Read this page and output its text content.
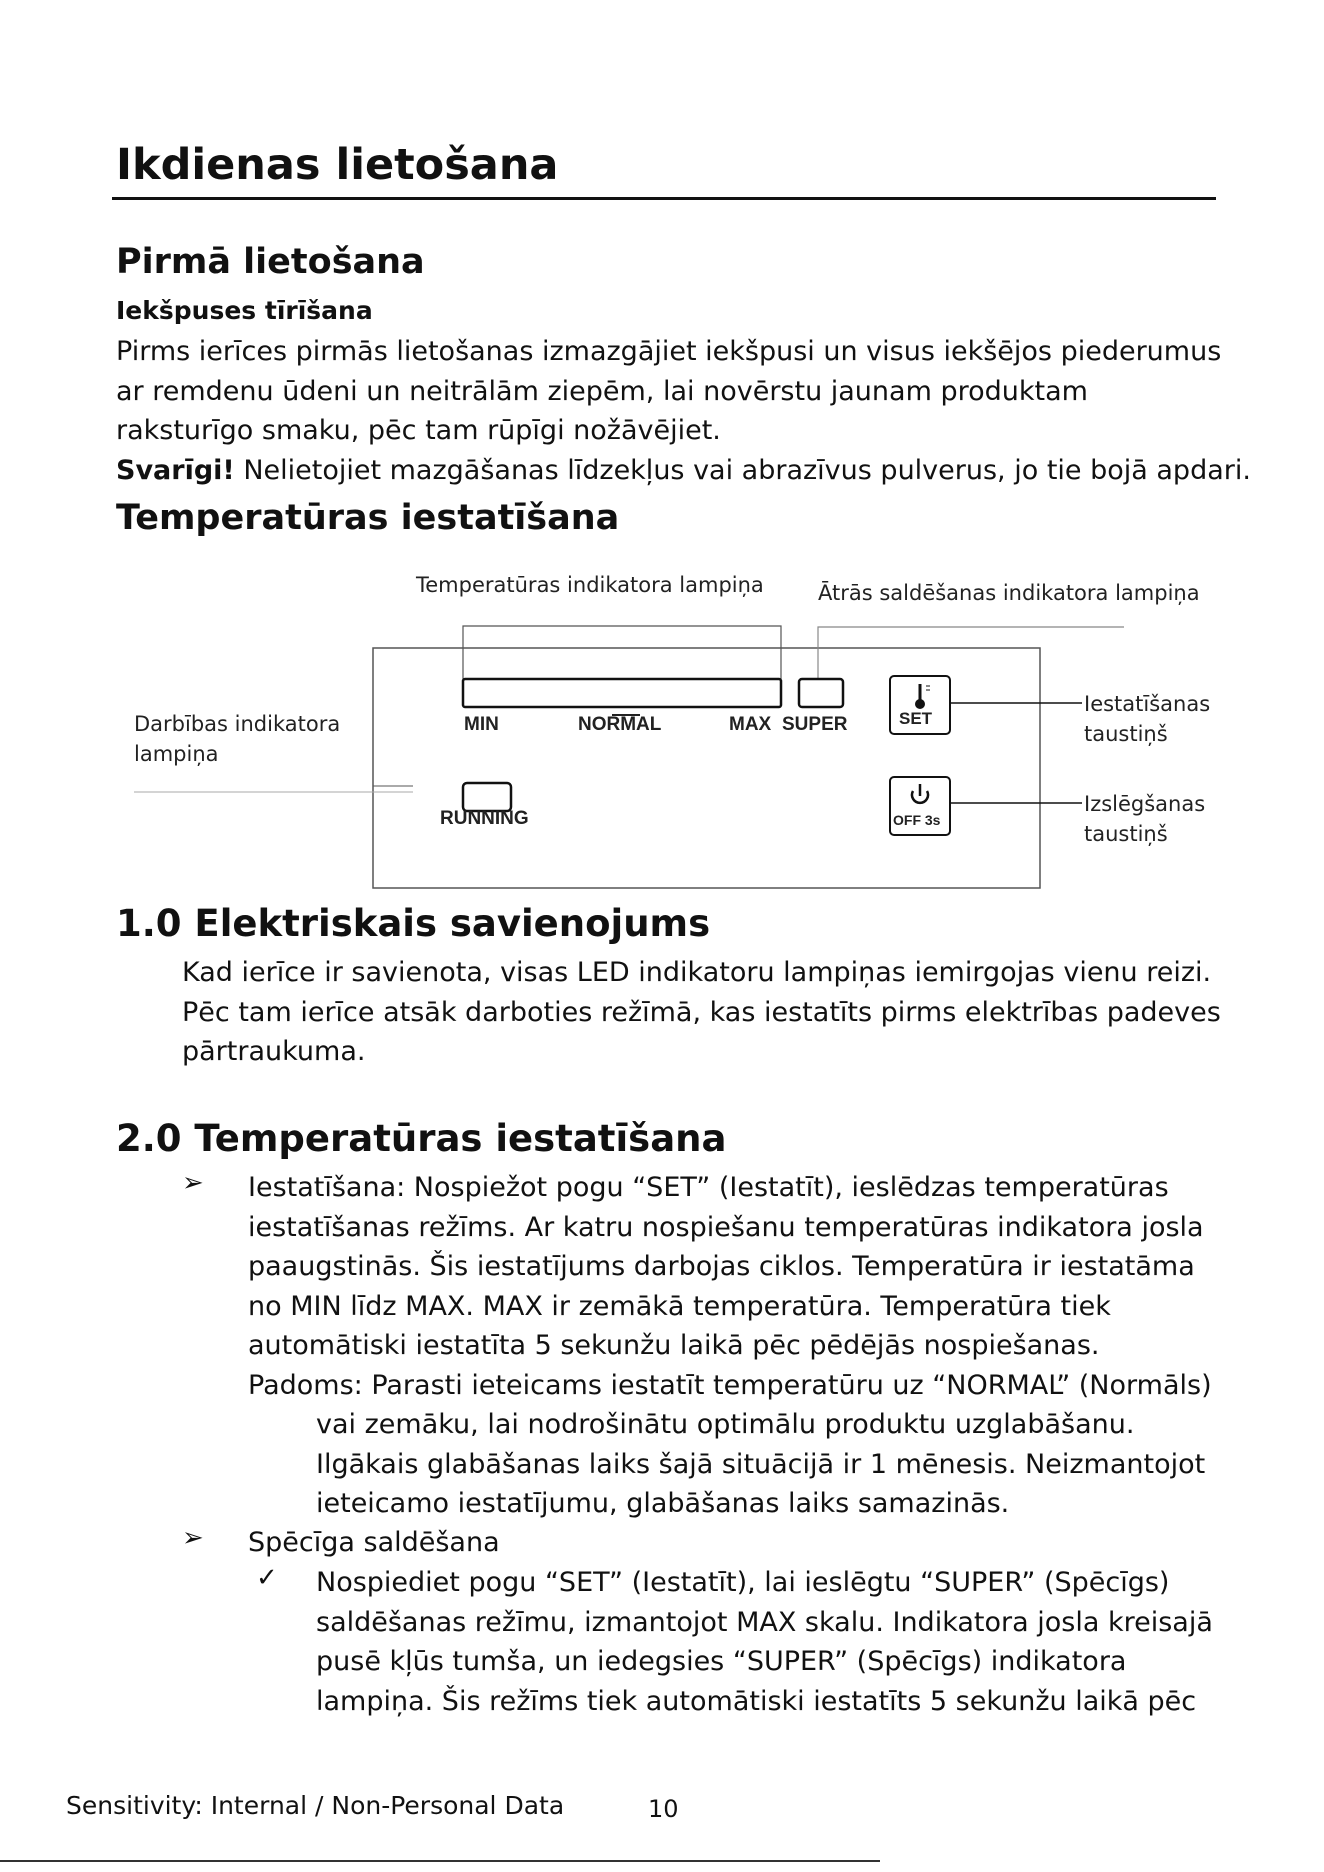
Ikdienas lietošana
Pirmā lietošana
Iekšpuses tīrīšana
Pirms ierīces pirmās lietošanas izmazgājiet iekšpusi un visus iekšējos piederumus
ar remdenu ūdeni un neitrālām ziepēm, lai novērstu jaunam produktam
raksturīgo smaku, pēc tam rūpīgi nožāvējiet.
Svarīgi! Nelietojiet mazgāšanas līdzekļus vai abrazīvus pulverus, jo tie bojā apdari.
Temperatūras iestatīšana
Temperatūras indikatora lampiņa	Ātrās saldēšanas indikatora lampiņa
Darbības indikatora
lampiņa
Iestatīšanas
taustiņš
Izslēgšanas
taustiņš
MIN	NORMAL	MAX SUPER
RUNNING
SET
OFF 3s
1.0 Elektriskais savienojums
Kad ierīce ir savienota, visas LED indikatoru lampiņas iemirgojas vienu reizi.
Pēc tam ierīce atsāk darboties režīmā, kas iestatīts pirms elektrības padeves
pārtraukuma.
2.0 Temperatūras iestatīšana
➢ Iestatīšana: Nospiežot pogu “SET” (Iestatīt), ieslēdzas temperatūras
iestatīšanas režīms. Ar katru nospiešanu temperatūras indikatora josla
paaugstinās. Šis iestatījums darbojas ciklos. Temperatūra ir iestatāma
no MIN līdz MAX. MAX ir zemākā temperatūra. Temperatūra tiek
automātiski iestatīta 5 sekunžu laikā pēc pēdējās nospiešanas.
Padoms: Parasti ieteicams iestatīt temperatūru uz “NORMAL” (Normāls)
vai zemāku, lai nodrošinātu optimālu produktu uzglabāšanu.
Ilgākais glabāšanas laiks šajā situācijā ir 1 mēnesis. Neizmantojot
ieteicamo iestatījumu, glabāšanas laiks samazinās.
➢ Spēcīga saldēšana
✓ Nospiediet pogu “SET” (Iestatīt), lai ieslēgtu “SUPER” (Spēcīgs)
saldēšanas režīmu, izmantojot MAX skalu. Indikatora josla kreisajā
pusē kļūs tumša, un iedegsies “SUPER” (Spēcīgs) indikatora
lampiņa. Šis režīms tiek automātiski iestatīts 5 sekunžu laikā pēc
Sensitivity: Internal / Non-Personal Data	10
